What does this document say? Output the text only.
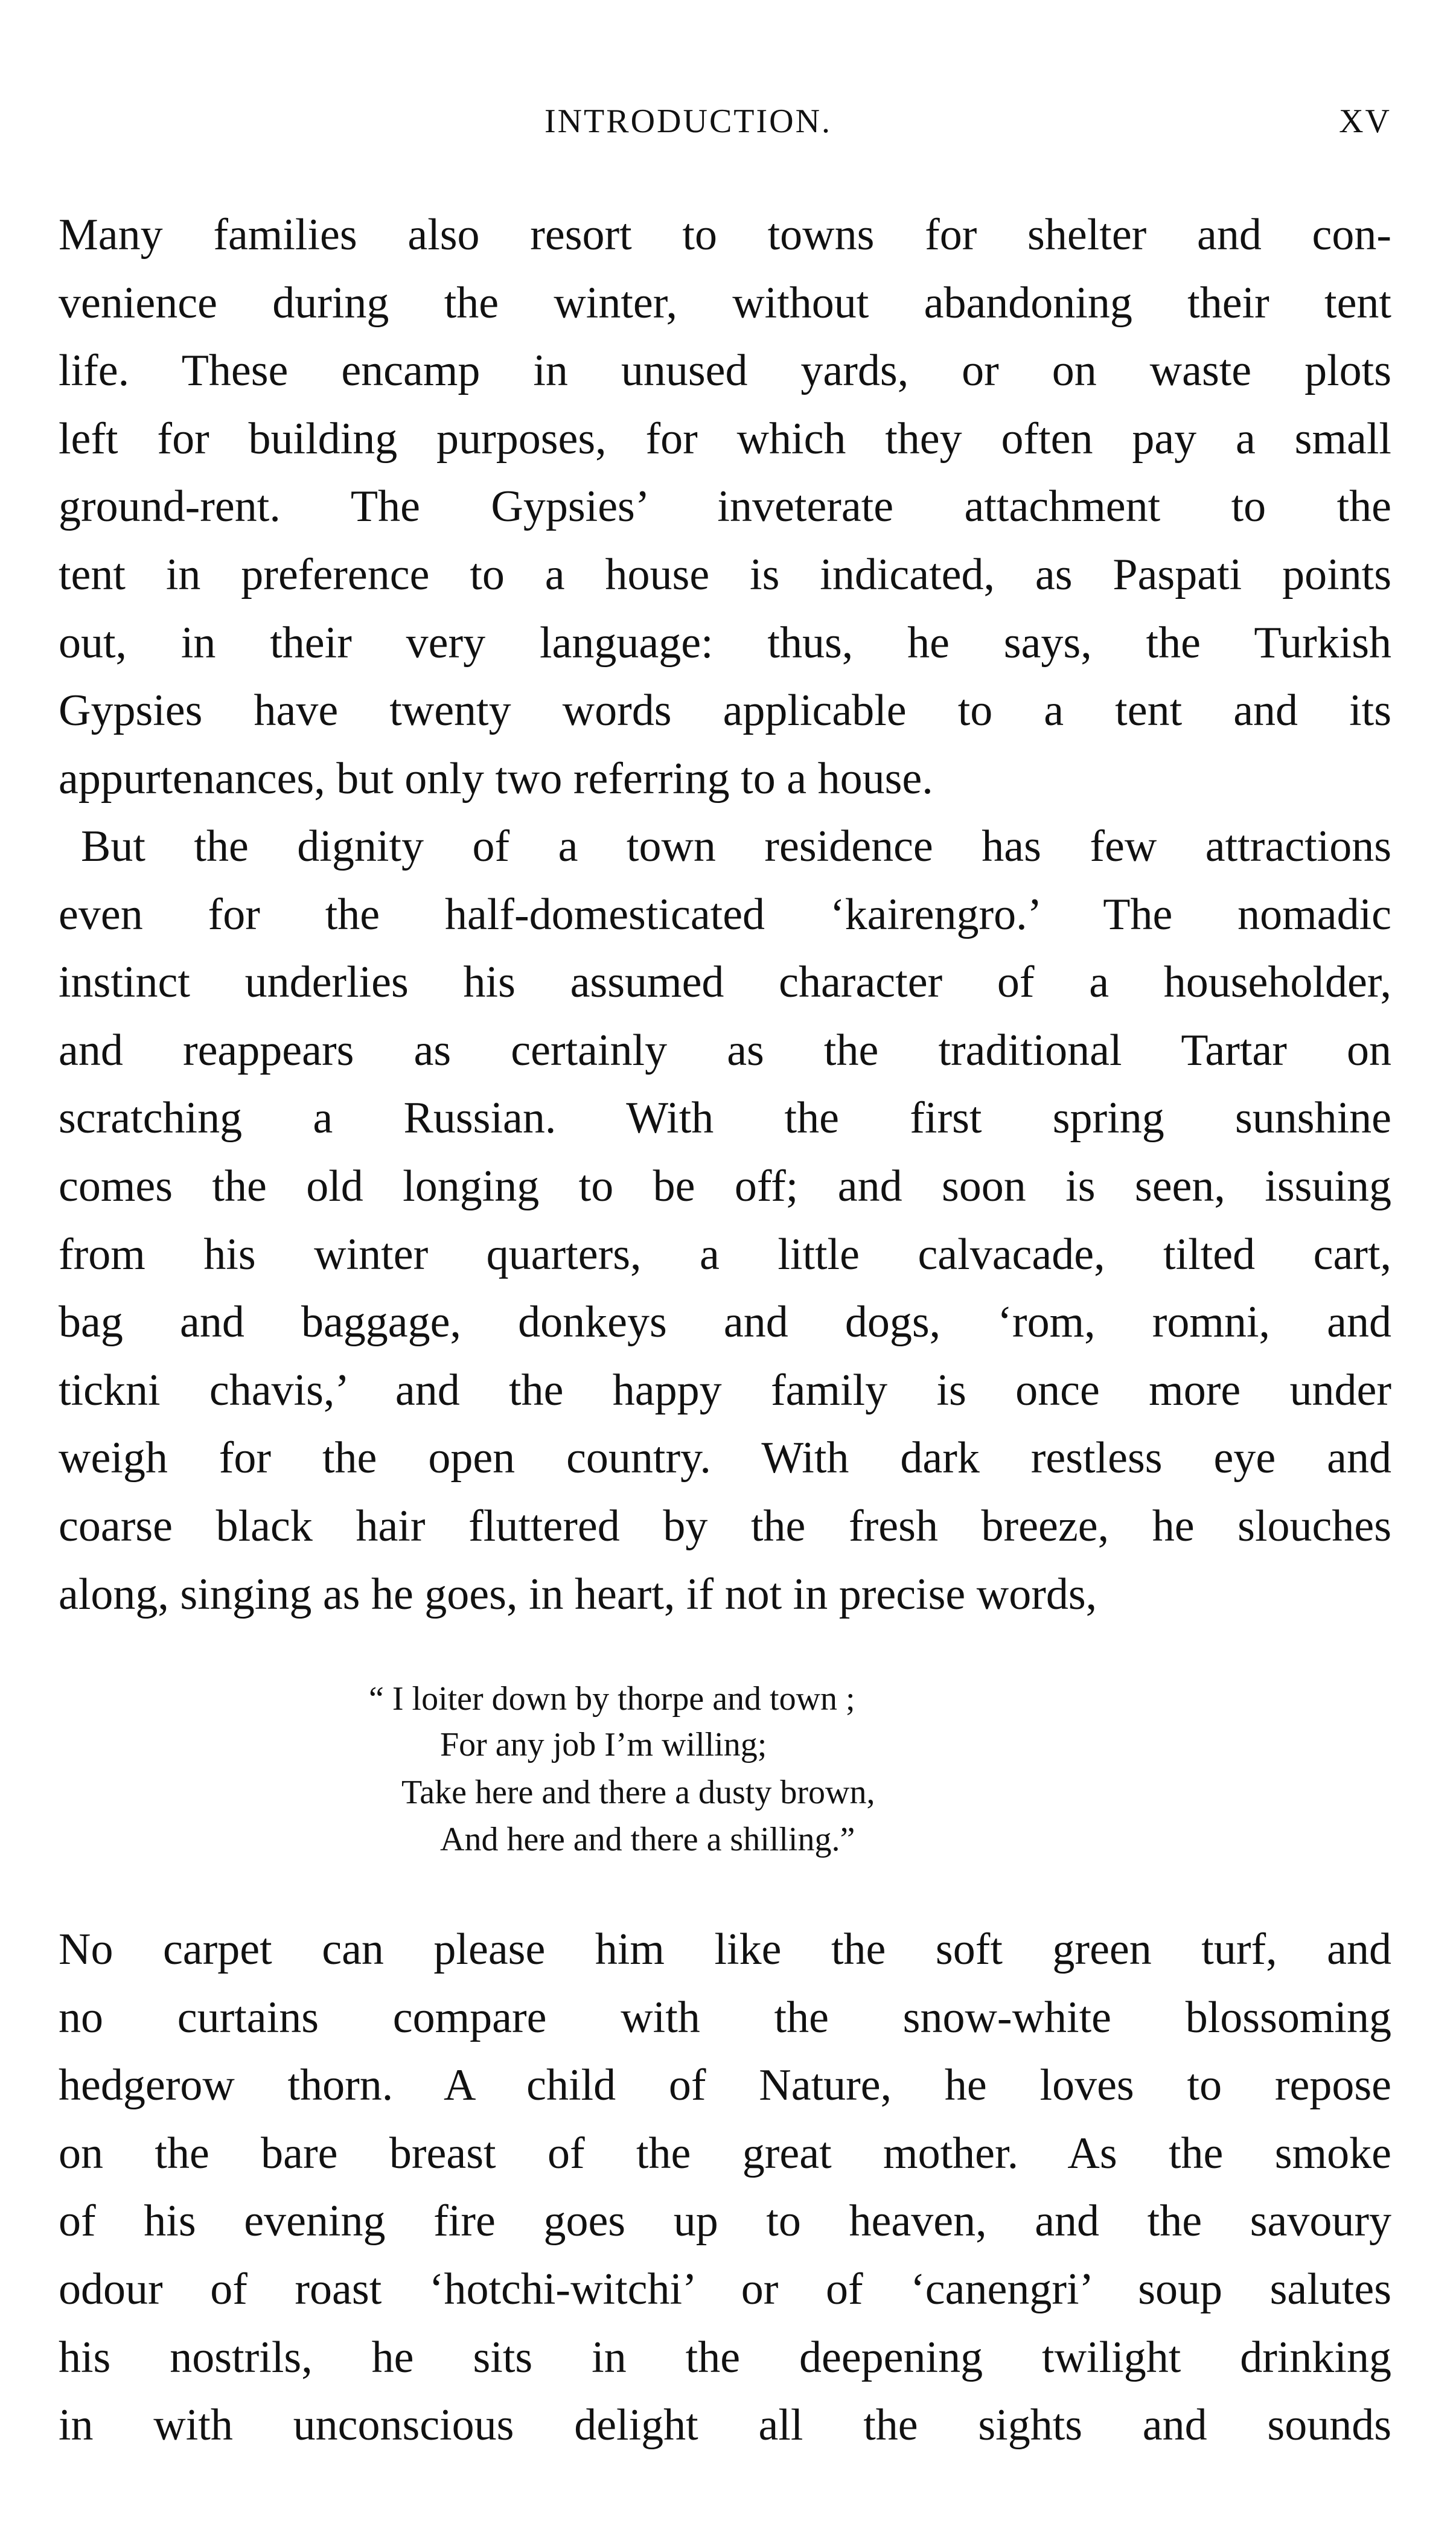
INTRODUCTION.	XV
Many families also resort to towns for shelter and con-
venience during the winter, without abandoning their tent
life. These encamp in unused yards, or on waste plots
left for building purposes, for which they often pay a small
ground-rent. The Gypsies’ inveterate attachment to the
tent in preference to a house is indicated, as Paspati points
out, in their very language: thus, he says, the Turkish
Gypsies have twenty words applicable to a tent and its
appurtenances, but only two referring to a house.
But the dignity of a town residence has few attractions
even for the half-domesticated ‘kairengro.’ The nomadic
instinct underlies his assumed character of a householder,
and reappears as certainly as the traditional Tartar on
scratching a Russian. With the first spring sunshine
comes the old longing to be off; and soon is seen, issuing
from his winter quarters, a little calvacade, tilted cart,
bag and baggage, donkeys and dogs, ‘rom, romni, and
tickni chavis,’ and the happy family is once more under
weigh for the open country. With dark restless eye and
coarse black hair fluttered by the fresh breeze, he slouches
along, singing as he goes, in heart, if not in precise words,
“ I loiter down by thorpe and town ;
For any job I’m willing;
Take here and there a dusty brown,
And here and there a shilling.”
No carpet can please him like the soft green turf, and
no curtains compare with the snow-white blossoming
hedgerow thorn. A child of Nature, he loves to repose
on the bare breast of the great mother. As the smoke
of his evening fire goes up to heaven, and the savoury
odour of roast ‘hotchi-witchi’ or of ‘canengri’ soup salutes
his nostrils, he sits in the deepening twilight drinking
in with unconscious delight all the sights and sounds
